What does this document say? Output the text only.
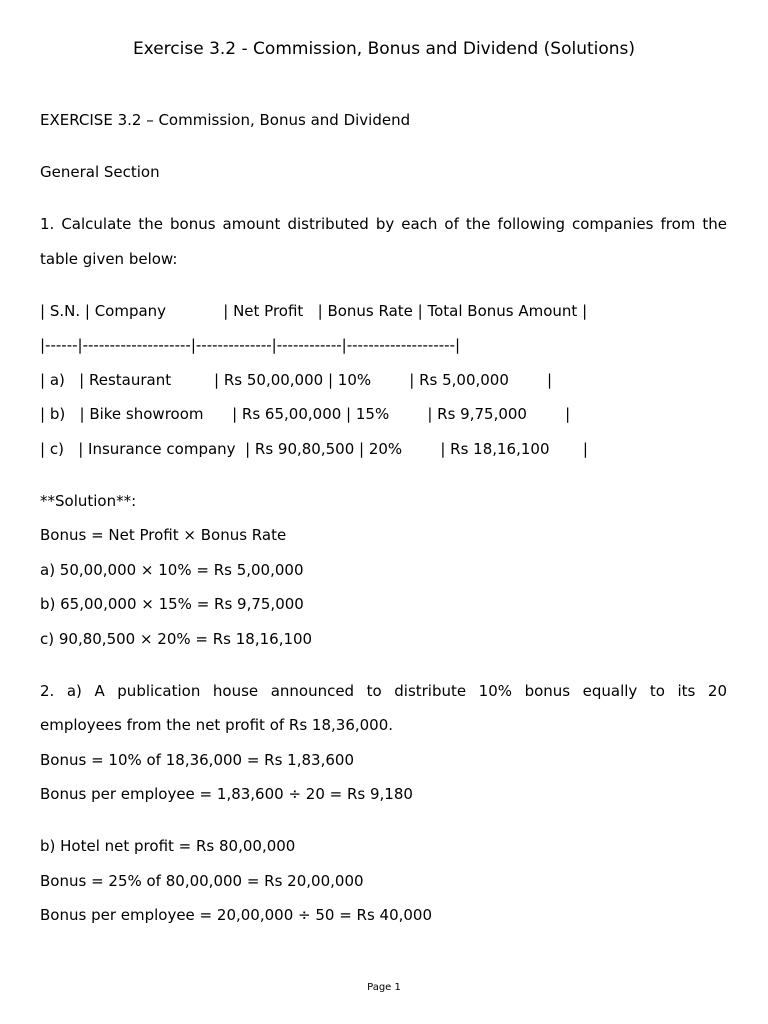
Exercise 3.2 - Commission, Bonus and Dividend (Solutions)
EXERCISE 3.2 – Commission, Bonus and Dividend
General Section
1. Calculate the bonus amount distributed by each of the following companies from the
table given below:
| S.N. | Company            | Net Profit   | Bonus Rate | Total Bonus Amount |
|------|--------------------|--------------|------------|--------------------|
| a)   | Restaurant         | Rs 50,00,000 | 10%        | Rs 5,00,000        |
| b)   | Bike showroom      | Rs 65,00,000 | 15%        | Rs 9,75,000        |
| c)   | Insurance company  | Rs 90,80,500 | 20%        | Rs 18,16,100       |
**Solution**:
Bonus = Net Profit × Bonus Rate
a) 50,00,000 × 10% = Rs 5,00,000
b) 65,00,000 × 15% = Rs 9,75,000
c) 90,80,500 × 20% = Rs 18,16,100
2. a) A publication house announced to distribute 10% bonus equally to its 20
employees from the net profit of Rs 18,36,000.
Bonus = 10% of 18,36,000 = Rs 1,83,600
Bonus per employee = 1,83,600 ÷ 20 = Rs 9,180
b) Hotel net profit = Rs 80,00,000
Bonus = 25% of 80,00,000 = Rs 20,00,000
Bonus per employee = 20,00,000 ÷ 50 = Rs 40,000
Page 1
